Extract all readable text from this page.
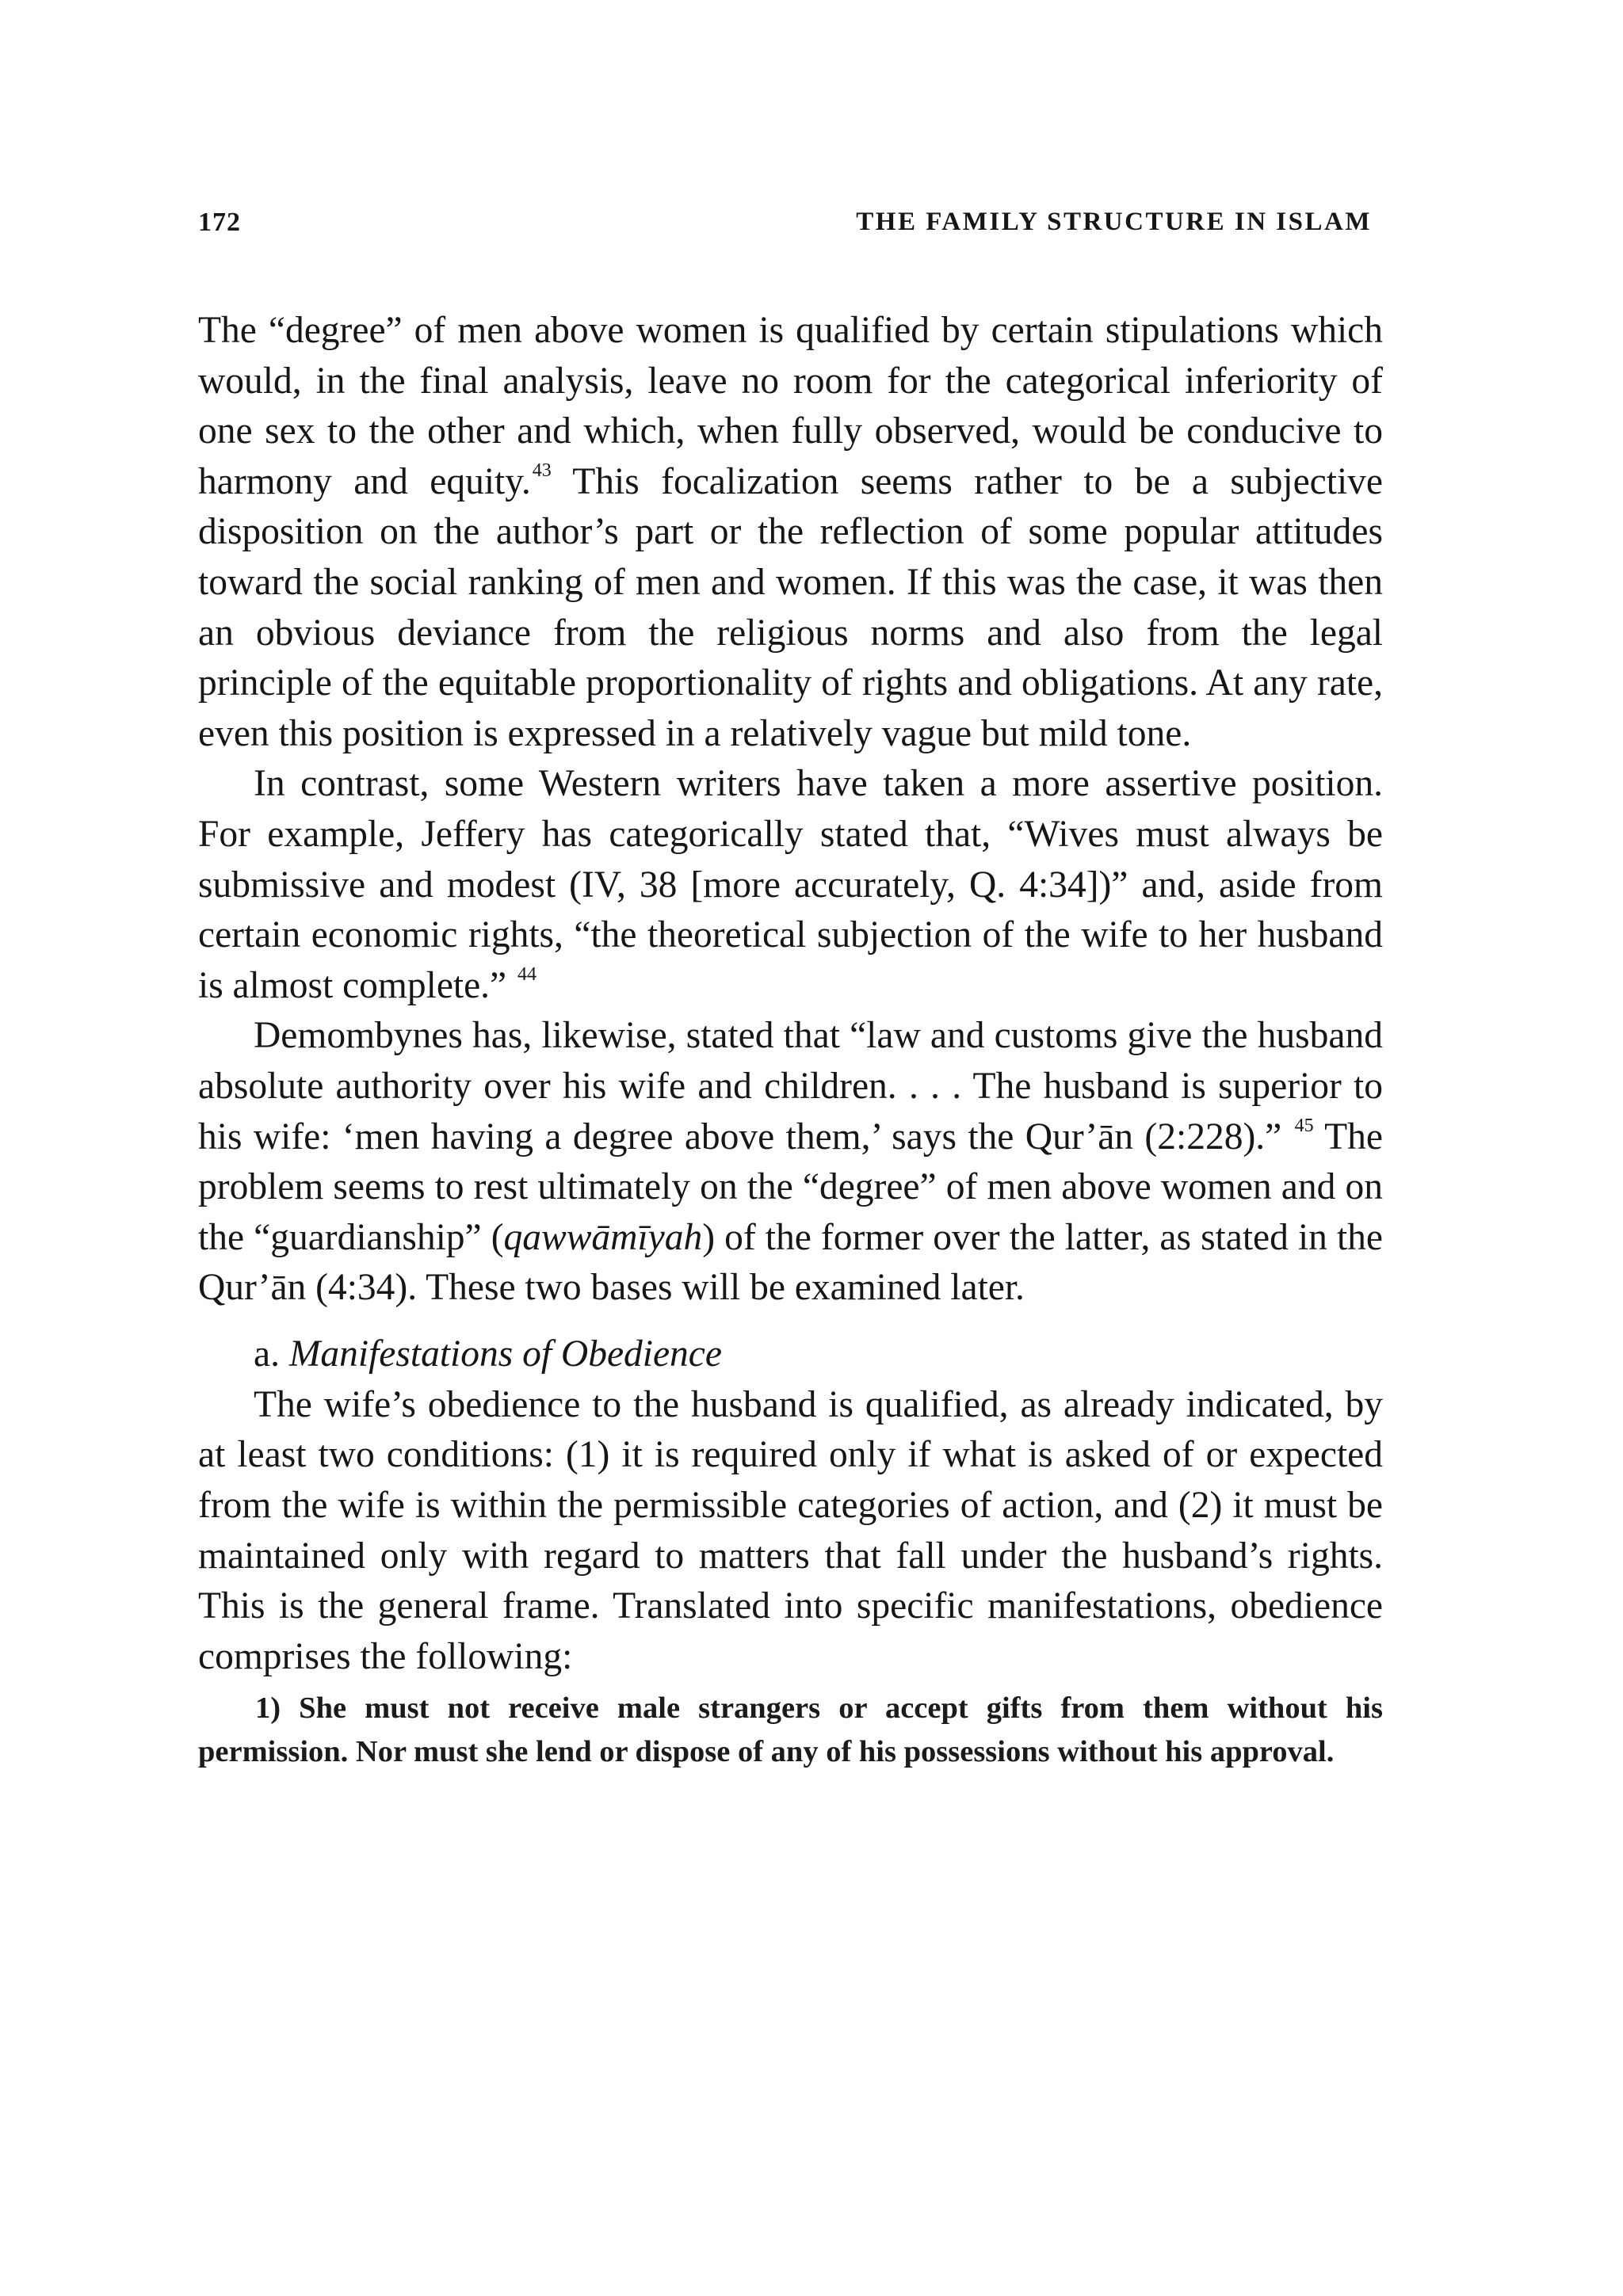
172	THE FAMILY STRUCTURE IN ISLAM

The “degree” of men above women is qualified by certain stipulations which would, in the final analysis, leave no room for the categorical inferiority of one sex to the other and which, when fully observed, would be conducive to harmony and equity.$^{43}$ This focalization seems rather to be a subjective disposition on the author’s part or the reflection of some popular attitudes toward the social ranking of men and women. If this was the case, it was then an obvious deviance from the religious norms and also from the legal principle of the equitable proportionality of rights and obligations. At any rate, even this position is expressed in a relatively vague but mild tone.

In contrast, some Western writers have taken a more assertive position. For example, Jeffery has categorically stated that, “Wives must always be submissive and modest (IV, 38 [more accurately, Q. 4:34])” and, aside from certain economic rights, “the theoretical subjection of the wife to her husband is almost complete.” $^{44}$

Demombynes has, likewise, stated that “law and customs give the husband absolute authority over his wife and children. . . . The husband is superior to his wife: ‘men having a degree above them,’ says the Qur’ān (2:228).” $^{45}$ The problem seems to rest ultimately on the “degree” of men above women and on the “guardianship” (qawwāmīyah) of the former over the latter, as stated in the Qur’ān (4:34). These two bases will be examined later.

a. Manifestations of Obedience

The wife’s obedience to the husband is qualified, as already indicated, by at least two conditions: (1) it is required only if what is asked of or expected from the wife is within the permissible categories of action, and (2) it must be maintained only with regard to matters that fall under the husband’s rights. This is the general frame. Translated into specific manifestations, obedience comprises the following:

1) She must not receive male strangers or accept gifts from them without his permission. Nor must she lend or dispose of any of his possessions without his approval.
